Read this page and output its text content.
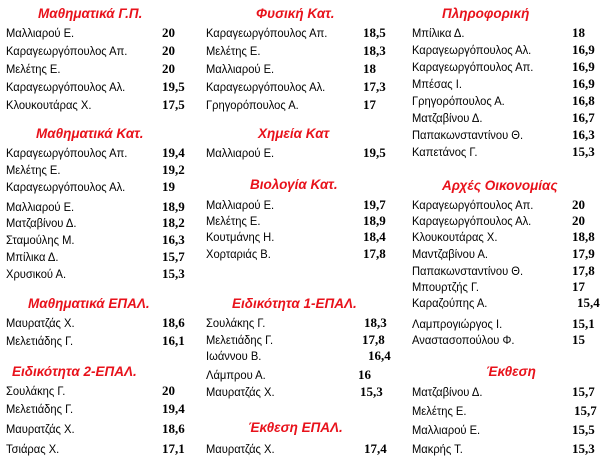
Μαθηματικά Γ.Π.
Μαλλιαρού Ε.	20
Καραγεωργόπουλος Απ.	20
Μελέτης Ε.	20
Καραγεωργόπουλος Αλ.	19,5
Κλουκουτάρας Χ.	17,5
Μαθηματικά Κατ.
Καραγεωργόπουλος Απ.	19,4
Μελέτης Ε.	19,2
Καραγεωργόπουλος Αλ.	19
Μαλλιαρού Ε.	18,9
Ματζαβίνου Δ.	18,2
Σταμούλης Μ.	16,3
Μπίλικα Δ.	15,7
Χρυσικού Α.	15,3
Μαθηματικά ΕΠΑΛ.
Μαυρατζάς Χ.	18,6
Μελετιάδης Γ.	16,1
Ειδικότητα 2-ΕΠΑΛ.
Σουλάκης Γ.	20
Μελετιάδης Γ.	19,4
Μαυρατζάς Χ.	18,6
Τσιάρας Χ.	17,1
Φυσική Κατ.
Καραγεωργόπουλος Απ.	18,5
Μελέτης Ε.	18,3
Μαλλιαρού Ε.	18
Καραγεωργόπουλος Αλ.	17,3
Γρηγορόπουλος Α.	17
Χημεία Κατ
Μαλλιαρού Ε.	19,5
Βιολογία Κατ.
Μαλλιαρού Ε.	19,7
Μελέτης Ε.	18,9
Κουτμάνης Η.	18,4
Χορταριάς Β.	17,8
Ειδικότητα 1-ΕΠΑΛ.
Σουλάκης Γ.	18,3
Μελετιάδης Γ.	17,8
Ιωάννου Β.	16,4
Λάμπρου Α.	16
Μαυρατζάς Χ.	15,3
Έκθεση ΕΠΑΛ.
Μαυρατζάς Χ.	17,4
Πληροφορική
Μπίλικα Δ.	18
Καραγεωργόπουλος Αλ.	16,9
Καραγεωργόπουλος Απ.	16,9
Μπέσας Ι.	16,9
Γρηγορόπουλος Α.	16,8
Ματζαβίνου Δ.	16,7
Παπακωνσταντίνου Θ.	16,3
Καπετάνος Γ.	15,3
Αρχές Οικονομίας
Καραγεωργόπουλος Απ.	20
Καραγεωργόπουλος Αλ.	20
Κλουκουτάρας Χ.	18,8
Μαντζαβίνου Α.	17,9
Παπακωνσταντίνου Θ.	17,8
Μπουρτζής Γ.	17
Καραζούπης Α.	15,4
Λαμπρογιώργος Ι.	15,1
Αναστασοπούλου Φ.	15
Έκθεση
Ματζαβίνου Δ.	15,7
Μελέτης Ε.	15,7
Μαλλιαρού Ε.	15,5
Μακρής Τ.	15,3
